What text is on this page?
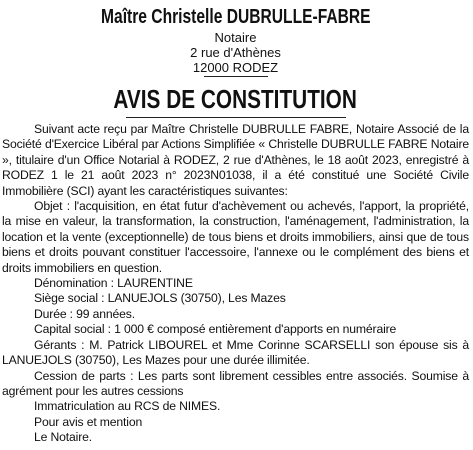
Maître Christelle DUBRULLE-FABRE
Notaire
2 rue d'Athènes
12000 RODEZ
AVIS DE CONSTITUTION

Suivant acte reçu par Maître Christelle DUBRULLE FABRE, Notaire Associé de la Société d'Exercice Libéral par Actions Simplifiée « Christelle DUBRULLE FABRE Notaire », titulaire d'un Office Notarial à RODEZ, 2 rue d'Athènes, le 18 août 2023, enregistré à RODEZ 1 le 21 août 2023 n° 2023N01038, il a été constitué une Société Civile Immobilière (SCI) ayant les caractéristiques suivantes:

Objet : l'acquisition, en état futur d'achèvement ou achevés, l'apport, la propriété, la mise en valeur, la transformation, la construction, l'aménagement, l'administration, la location et la vente (exceptionnelle) de tous biens et droits immobiliers, ainsi que de tous biens et droits pouvant constituer l'accessoire, l'annexe ou le complément des biens et droits immobiliers en question.

Dénomination : LAURENTINE

Siège social : LANUEJOLS (30750), Les Mazes

Durée : 99 années.

Capital social : 1 000 € composé entièrement d'apports en numéraire

Gérants : M. Patrick LIBOUREL et Mme Corinne SCARSELLI son épouse sis à LANUEJOLS (30750), Les Mazes pour une durée illimitée.

Cession de parts : Les parts sont librement cessibles entre associés. Soumise à agrément pour les autres cessions

Immatriculation au RCS de NIMES.

Pour avis et mention

Le Notaire.
